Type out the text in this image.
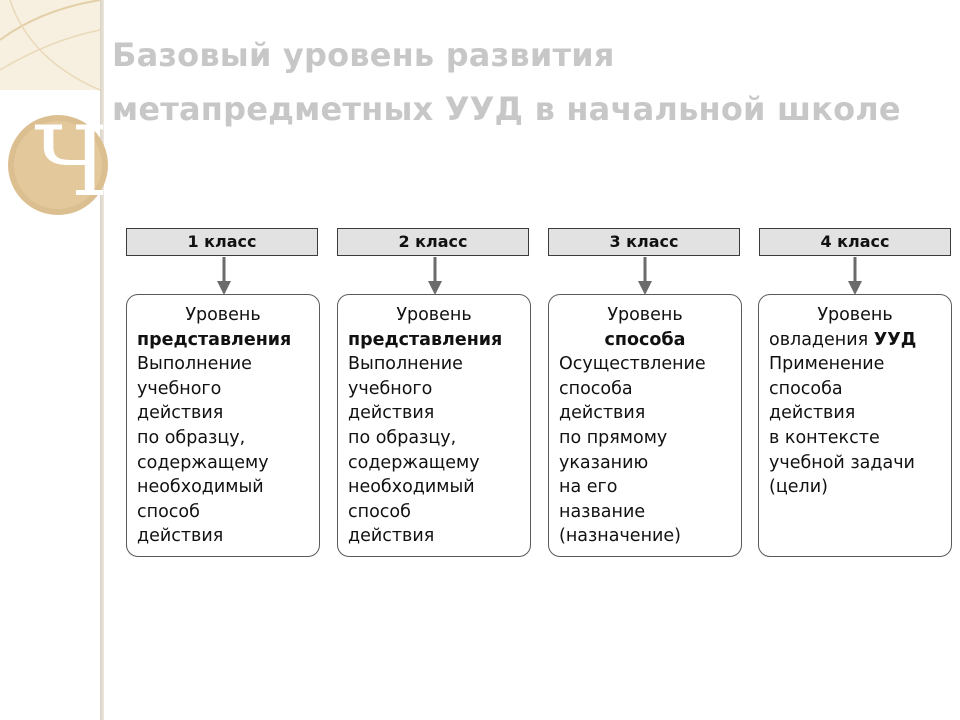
Ч
Базовый уровень развития
метапредметных УУД в начальной школе
1 класс
Уровень
представления
Выполнение
учебного
действия
по образцу,
содержащему
необходимый
способ
действия
2 класс
Уровень
представления
Выполнение
учебного
действия
по образцу,
содержащему
необходимый
способ
действия
3 класс
Уровень
способа
Осуществление
способа
действия
по прямому
указанию
на его
название
(назначение)
4 класс
Уровень
овладения УУД
Применение
способа
действия
в контексте
учебной задачи
(цели)
